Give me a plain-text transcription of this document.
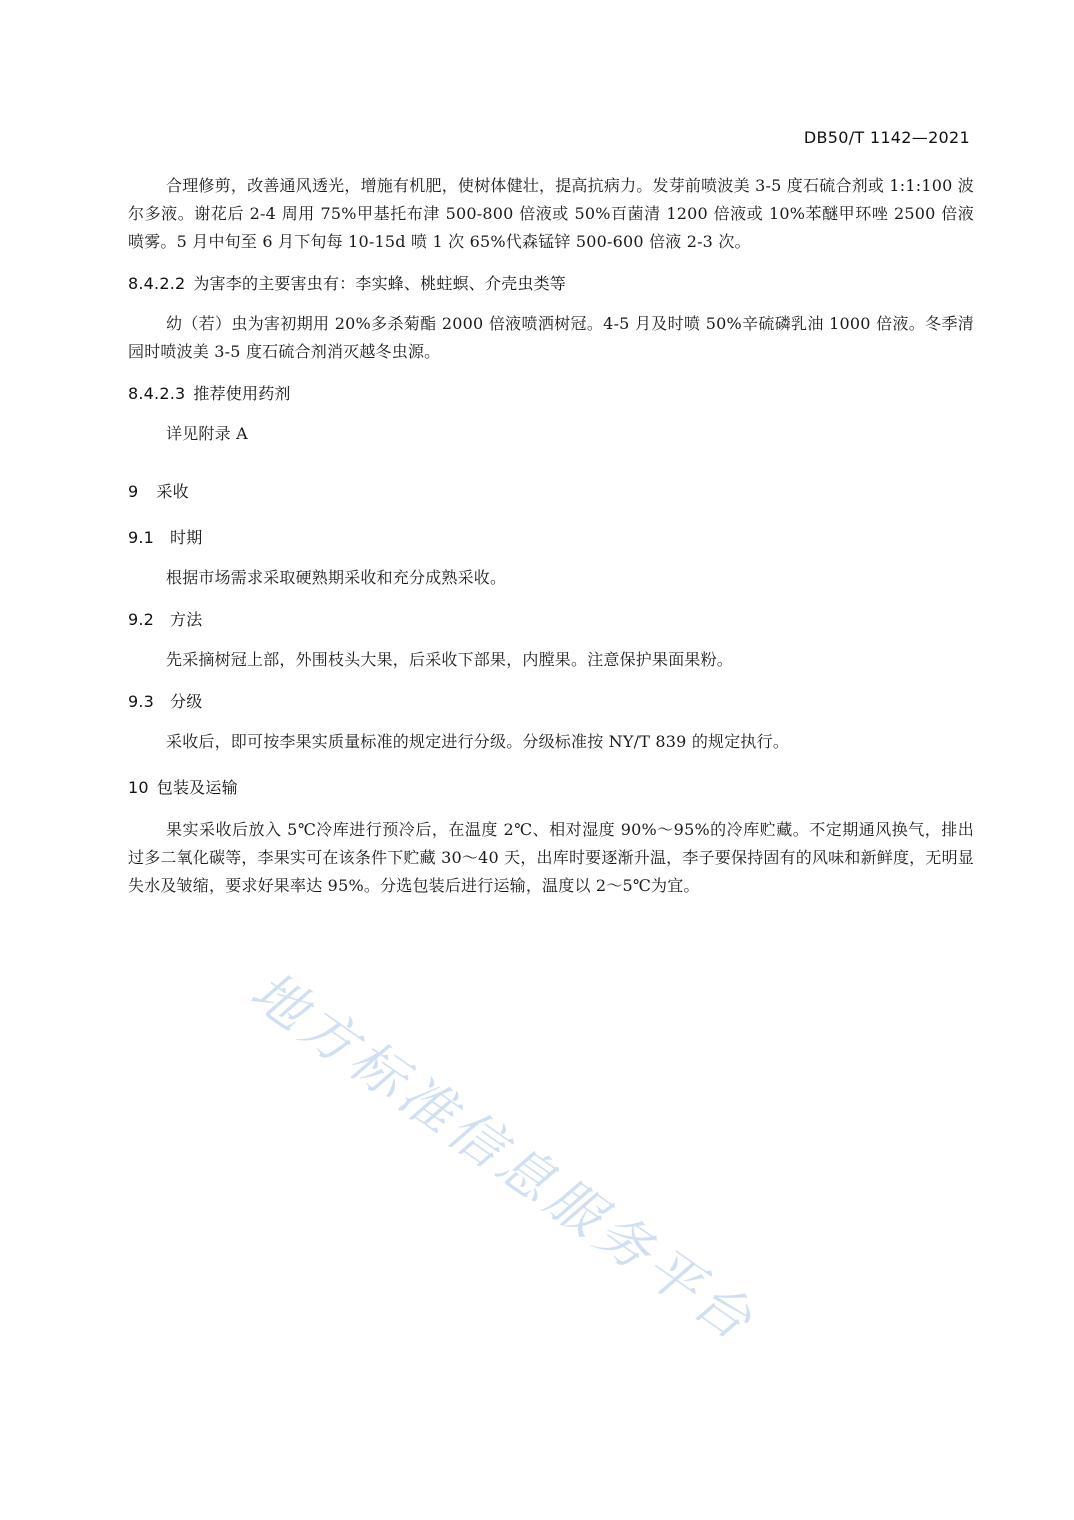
DB50/T 1142—2021

合理修剪，改善通风透光，增施有机肥，使树体健壮，提高抗病力。发芽前喷波美 3-5 度石硫合剂或 1:1:100 波尔多液。谢花后 2-4 周用 75%甲基托布津 500-800 倍液或 50%百菌清 1200 倍液或 10%苯醚甲环唑 2500 倍液喷雾。5 月中旬至 6 月下旬每 10-15d 喷 1 次 65%代森锰锌 500-600 倍液 2-3 次。

8.4.2.2 为害李的主要害虫有：李实蜂、桃蛀螟、介壳虫类等

幼（若）虫为害初期用 20%多杀菊酯 2000 倍液喷洒树冠。4-5 月及时喷 50%辛硫磷乳油 1000 倍液。冬季清园时喷波美 3-5 度石硫合剂消灭越冬虫源。

8.4.2.3 推荐使用药剂

详见附录 A

9 采收
9.1 时期

根据市场需求采取硬熟期采收和充分成熟采收。

9.2 方法

先采摘树冠上部，外围枝头大果，后采收下部果，内膛果。注意保护果面果粉。

9.3 分级

采收后，即可按李果实质量标准的规定进行分级。分级标准按 NY/T 839 的规定执行。

10 包装及运输

果实采收后放入 5℃冷库进行预冷后，在温度 2℃、相对湿度 90%～95%的冷库贮藏。不定期通风换气，排出过多二氧化碳等，李果实可在该条件下贮藏 30～40 天，出库时要逐渐升温，李子要保持固有的风味和新鲜度，无明显失水及皱缩，要求好果率达 95%。分选包装后进行运输，温度以 2～5℃为宜。

地方标准信息服务平台
